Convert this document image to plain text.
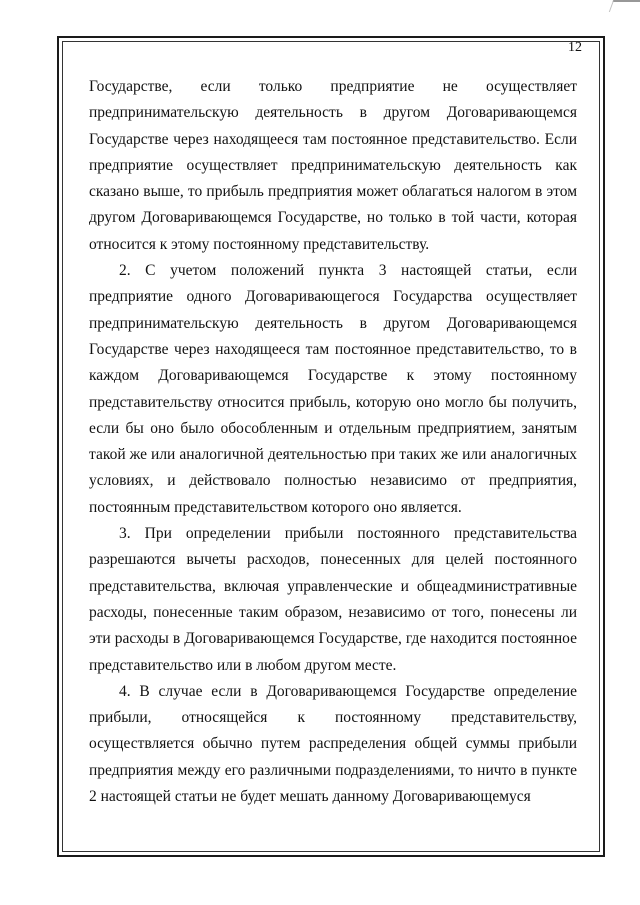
12

Государстве, если только предприятие не осуществляет предпринимательскую деятельность в другом Договаривающемся Государстве через находящееся там постоянное представительство. Если предприятие осуществляет предпринимательскую деятельность как сказано выше, то прибыль предприятия может облагаться налогом в этом другом Договаривающемся Государстве, но только в той части, которая относится к этому постоянному представительству.

2. С учетом положений пункта 3 настоящей статьи, если предприятие одного Договаривающегося Государства осуществляет предпринимательскую деятельность в другом Договаривающемся Государстве через находящееся там постоянное представительство, то в каждом Договаривающемся Государстве к этому постоянному представительству относится прибыль, которую оно могло бы получить, если бы оно было обособленным и отдельным предприятием, занятым такой же или аналогичной деятельностью при таких же или аналогичных условиях, и действовало полностью независимо от предприятия, постоянным представительством которого оно является.

3. При определении прибыли постоянного представительства разрешаются вычеты расходов, понесенных для целей постоянного представительства, включая управленческие и общеадминистративные расходы, понесенные таким образом, независимо от того, понесены ли эти расходы в Договаривающемся Государстве, где находится постоянное представительство или в любом другом месте.

4. В случае если в Договаривающемся Государстве определение прибыли, относящейся к постоянному представительству, осуществляется обычно путем распределения общей суммы прибыли предприятия между его различными подразделениями, то ничто в пункте 2 настоящей статьи не будет мешать данному Договаривающемуся
